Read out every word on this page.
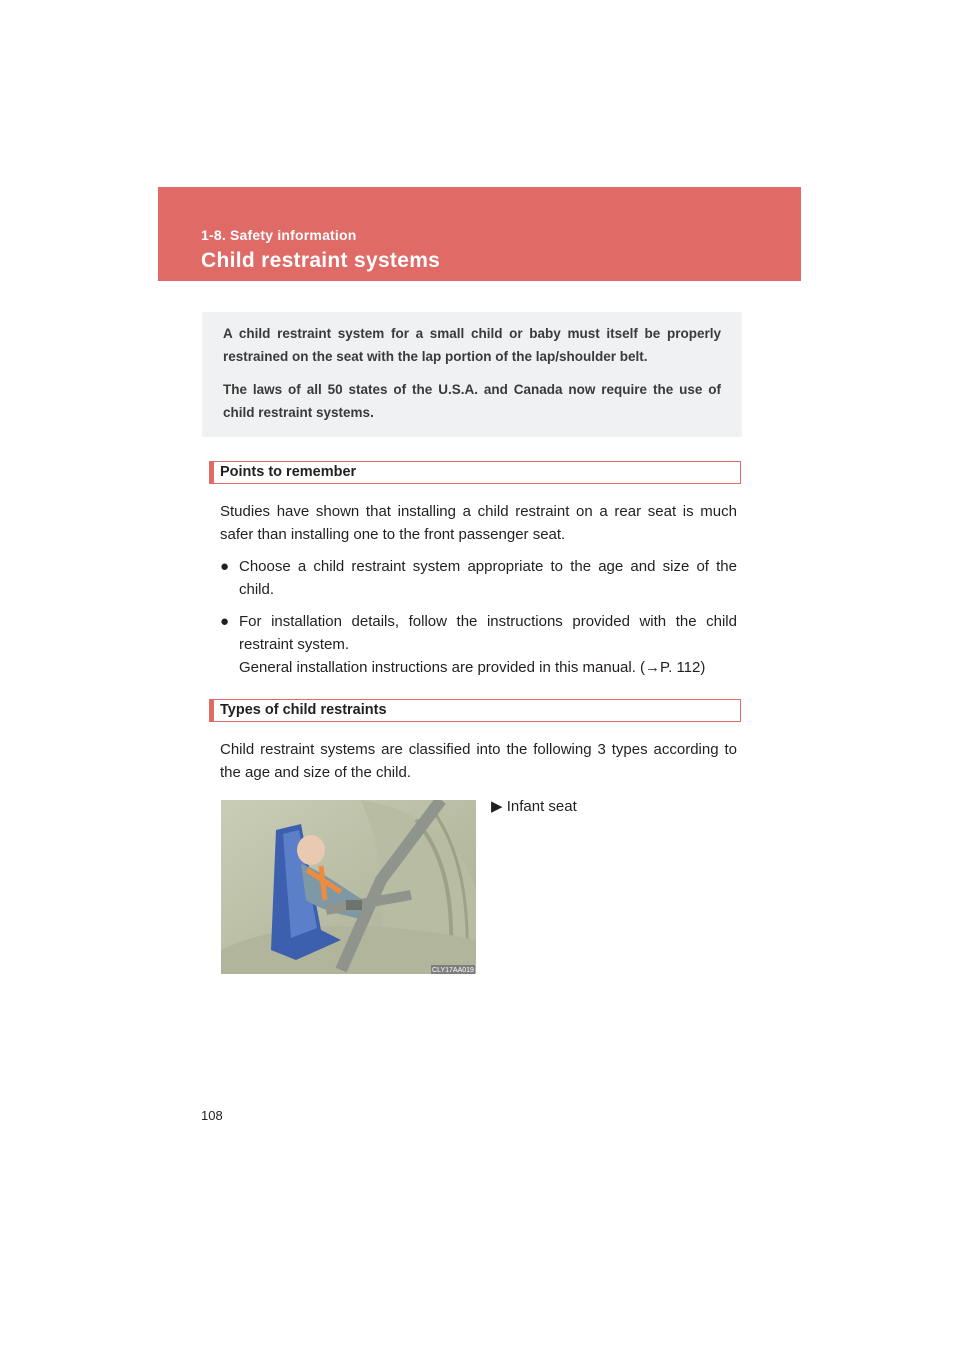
1-8. Safety information
Child restraint systems

A child restraint system for a small child or baby must itself be properly restrained on the seat with the lap portion of the lap/shoulder belt.

The laws of all 50 states of the U.S.A. and Canada now require the use of child restraint systems.

Points to remember

Studies have shown that installing a child restraint on a rear seat is much safer than installing one to the front passenger seat.

● Choose a child restraint system appropriate to the age and size of the child.
● For installation details, follow the instructions provided with the child restraint system.
General installation instructions are provided in this manual. (→P. 112)
Types of child restraints

Child restraint systems are classified into the following 3 types according to the age and size of the child.

CLY17AA019
▶ Infant seat
108
